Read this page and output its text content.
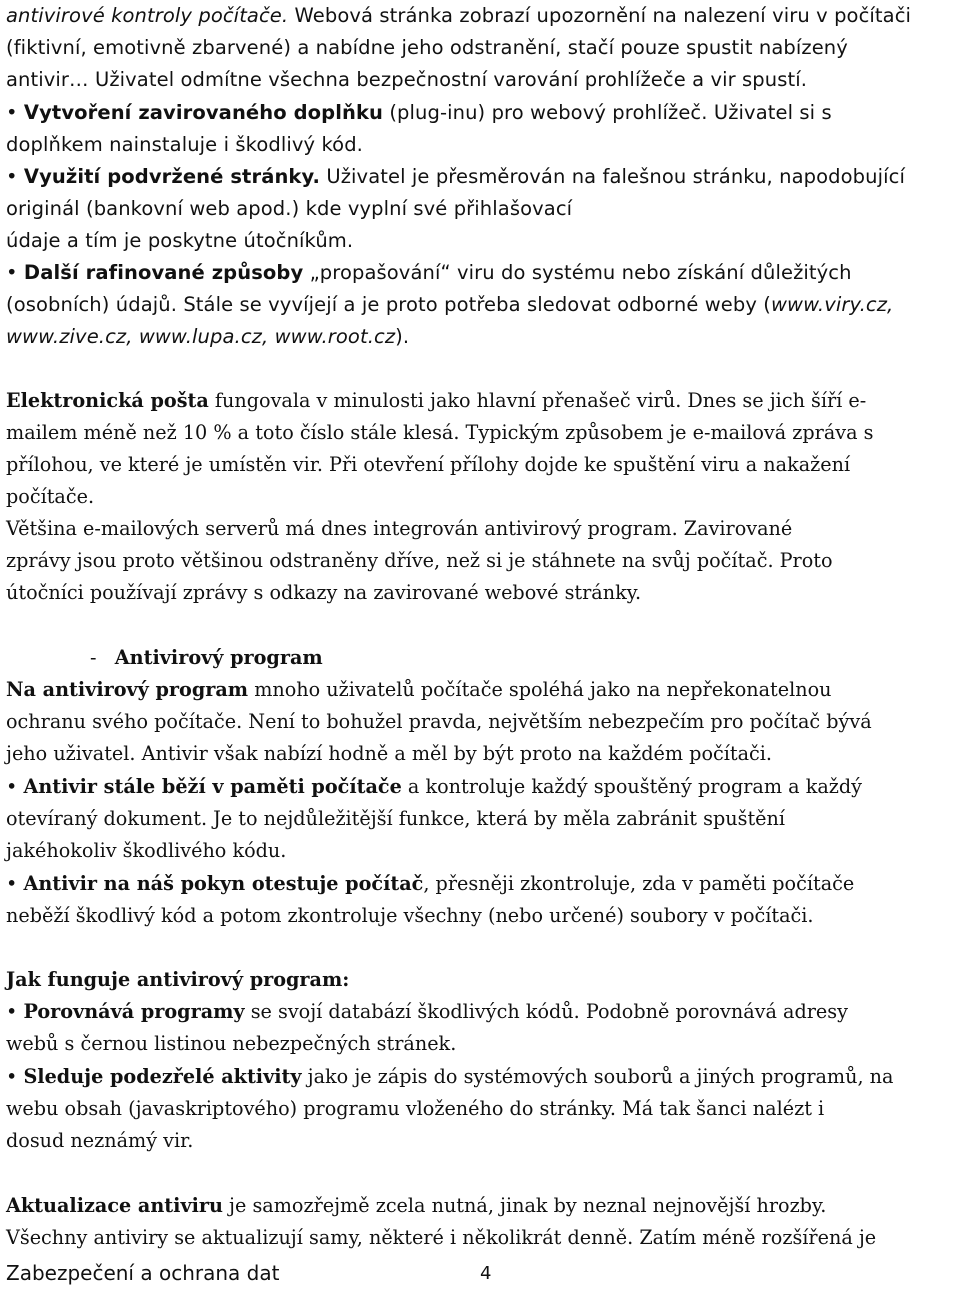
antivirové kontroly počítače. Webová stránka zobrazí upozornění na nalezení viru v počítači
(fiktivní, emotivně zbarvené) a nabídne jeho odstranění, stačí pouze spustit nabízený
antivir… Uživatel odmítne všechna bezpečnostní varování prohlížeče a vir spustí.
• Vytvoření zavirovaného doplňku (plug-inu) pro webový prohlížeč. Uživatel si s
doplňkem nainstaluje i škodlivý kód.
• Využití podvržené stránky. Uživatel je přesměrován na falešnou stránku, napodobující
originál (bankovní web apod.) kde vyplní své přihlašovací
údaje a tím je poskytne útočníkům.
• Další rafinované způsoby „propašování“ viru do systému nebo získání důležitých
(osobních) údajů. Stále se vyvíjejí a je proto potřeba sledovat odborné weby (www.viry.cz,
www.zive.cz, www.lupa.cz, www.root.cz).
Elektronická pošta fungovala v minulosti jako hlavní přenašeč virů. Dnes se jich šíří e-
mailem méně než 10 % a toto číslo stále klesá. Typickým způsobem je e-mailová zpráva s
přílohou, ve které je umístěn vir. Při otevření přílohy dojde ke spuštění viru a nakažení
počítače.
Většina e-mailových serverů má dnes integrován antivirový program. Zavirované
zprávy jsou proto většinou odstraněny dříve, než si je stáhnete na svůj počítač. Proto
útočníci používají zprávy s odkazy na zavirované webové stránky.
- Antivirový program
Na antivirový program mnoho uživatelů počítače spoléhá jako na nepřekonatelnou
ochranu svého počítače. Není to bohužel pravda, největším nebezpečím pro počítač bývá
jeho uživatel. Antivir však nabízí hodně a měl by být proto na každém počítači.
• Antivir stále běží v paměti počítače a kontroluje každý spouštěný program a každý
otevíraný dokument. Je to nejdůležitější funkce, která by měla zabránit spuštění
jakéhokoliv škodlivého kódu.
• Antivir na náš pokyn otestuje počítač, přesněji zkontroluje, zda v paměti počítače
neběží škodlivý kód a potom zkontroluje všechny (nebo určené) soubory v počítači.
Jak funguje antivirový program:
• Porovnává programy se svojí databází škodlivých kódů. Podobně porovnává adresy
webů s černou listinou nebezpečných stránek.
• Sleduje podezřelé aktivity jako je zápis do systémových souborů a jiných programů, na
webu obsah (javaskriptového) programu vloženého do stránky. Má tak šanci nalézt i
dosud neznámý vir.
Aktualizace antiviru je samozřejmě zcela nutná, jinak by neznal nejnovější hrozby.
Všechny antiviry se aktualizují samy, některé i několikrát denně. Zatím méně rozšířená je
Zabezpečení a ochrana dat	4
